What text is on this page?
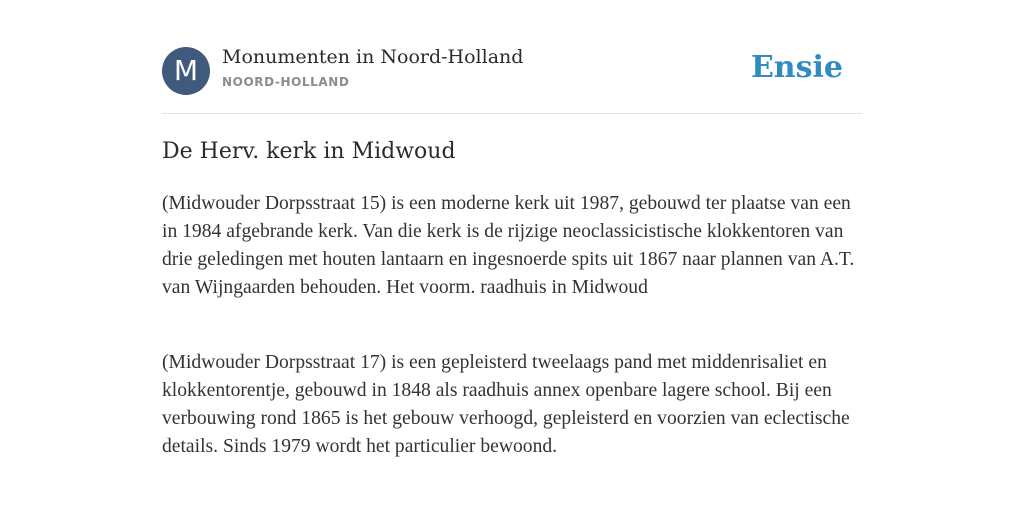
M	Monumenten in Noord-Holland
NOORD-HOLLAND	Ensie
De Herv. kerk in Midwoud

(Midwouder Dorpsstraat 15) is een moderne kerk uit 1987, gebouwd ter plaatse van een in 1984 afgebrande kerk. Van die kerk is de rijzige neoclassicistische klokkentoren van drie geledingen met houten lantaarn en ingesnoerde spits uit 1867 naar plannen van A.T. van Wijngaarden behouden. Het voorm. raadhuis in Midwoud

(Midwouder Dorpsstraat 17) is een gepleisterd tweelaags pand met middenrisaliet en klokkentorentje, gebouwd in 1848 als raadhuis annex openbare lagere school. Bij een verbouwing rond 1865 is het gebouw verhoogd, gepleisterd en voorzien van eclectische details. Sinds 1979 wordt het particulier bewoond.
